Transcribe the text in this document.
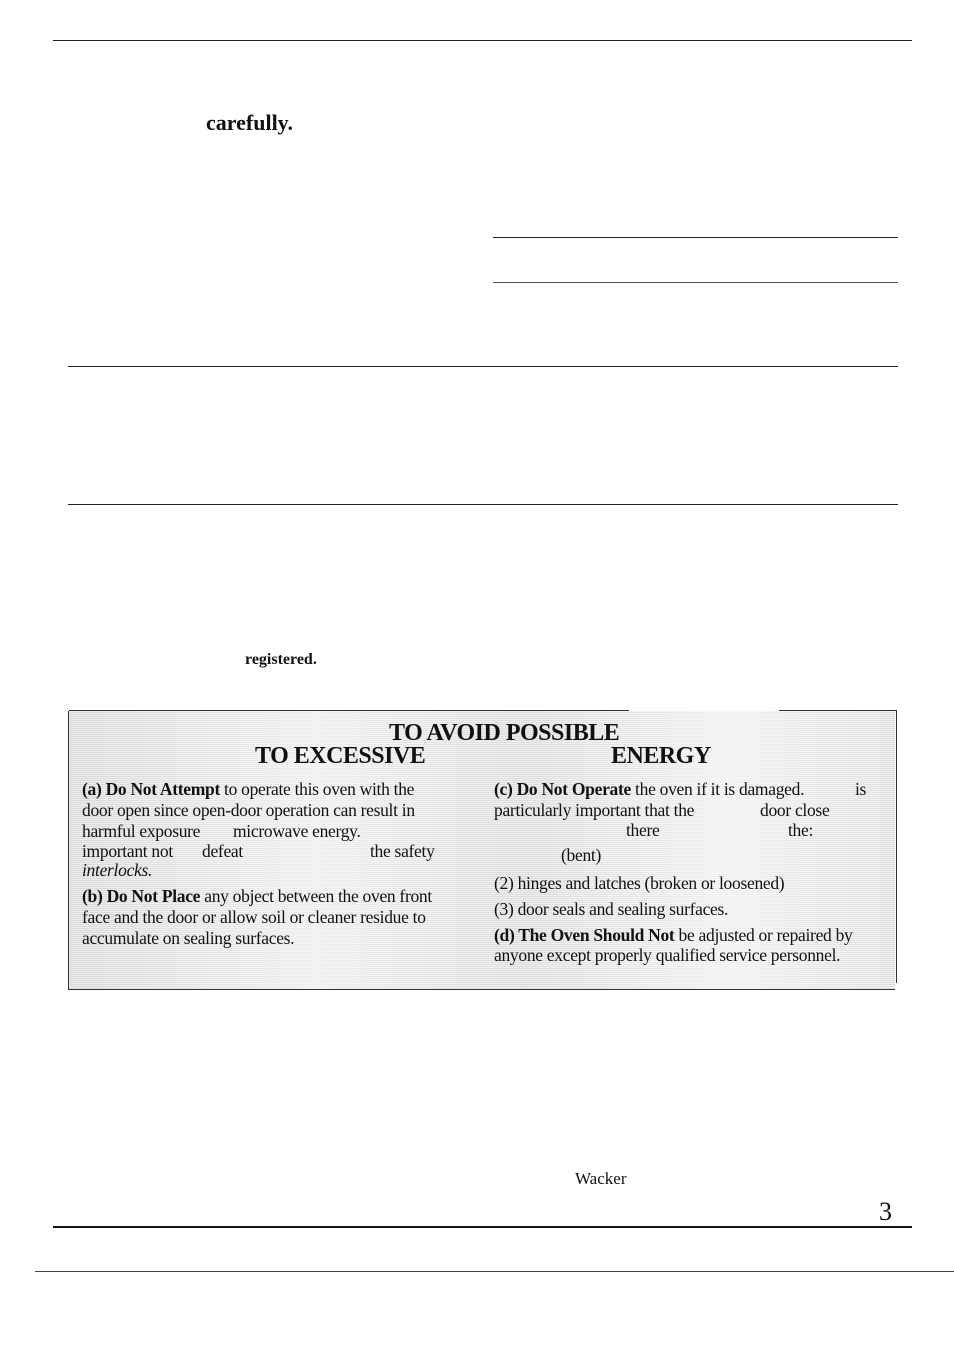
carefully.
registered.
TO AVOID POSSIBLE
TO EXCESSIVE	ENERGY
(a) Do Not Attempt to operate this oven with the
door open since open-door operation can result in
harmful exposure microwave energy.
important not defeat	the safety
interlocks.
(b) Do Not Place any object between the oven front
face and the door or allow soil or cleaner residue to
accumulate on sealing surfaces.
(c) Do Not Operate the oven if it is damaged.	is
particularly important that the	door close
there	the:
(bent)
(2) hinges and latches (broken or loosened)
(3) door seals and sealing surfaces.
(d) The Oven Should Not be adjusted or repaired by
anyone except properly qualified service personnel.
Wacker
3
